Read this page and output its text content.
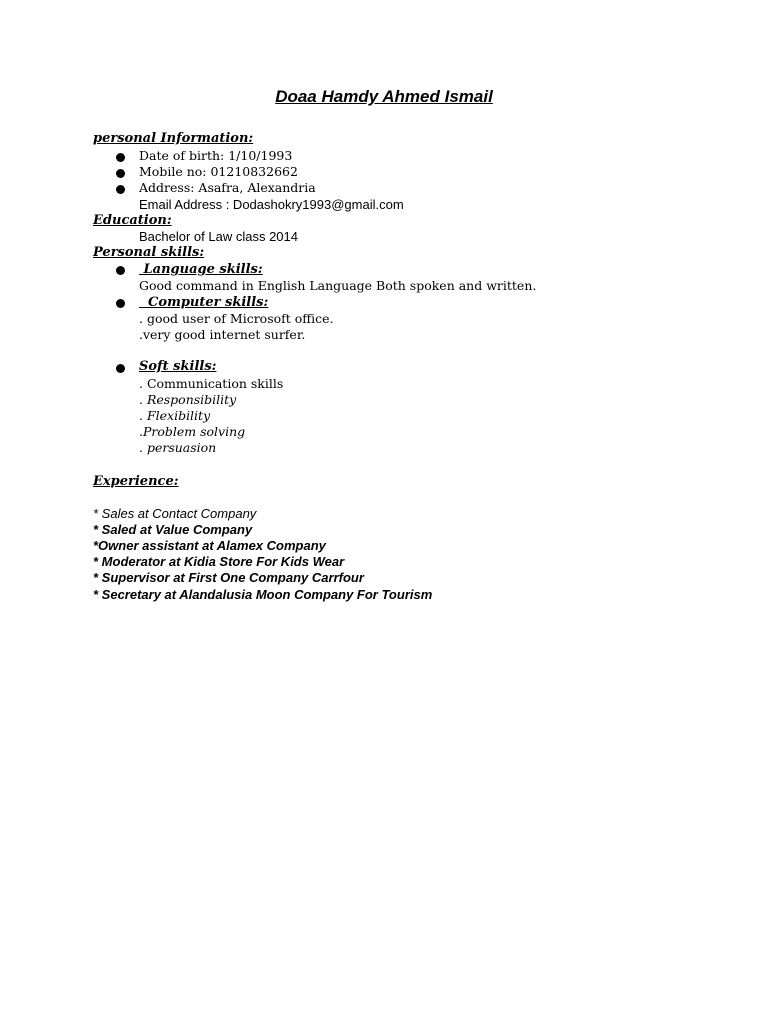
Doaa Hamdy Ahmed Ismail
personal Information:
Date of birth: 1/10/1993
Mobile no: 01210832662
Address: Asafra, Alexandria
Email Address : Dodashokry1993@gmail.com
Education:
Bachelor of Law class 2014
Personal skills:
Language skills:
Good command in English Language Both spoken and written.
Computer skills:
. good user of Microsoft office.
.very good internet surfer.
Soft skills:
. Communication skills
. Responsibility
. Flexibility
.Problem solving
. persuasion
Experience:
* Sales at Contact Company
* Saled at Value Company
*Owner assistant at Alamex Company
* Moderator at Kidia Store For Kids Wear
* Supervisor at First One Company Carrfour
* Secretary at Alandalusia Moon Company For Tourism
